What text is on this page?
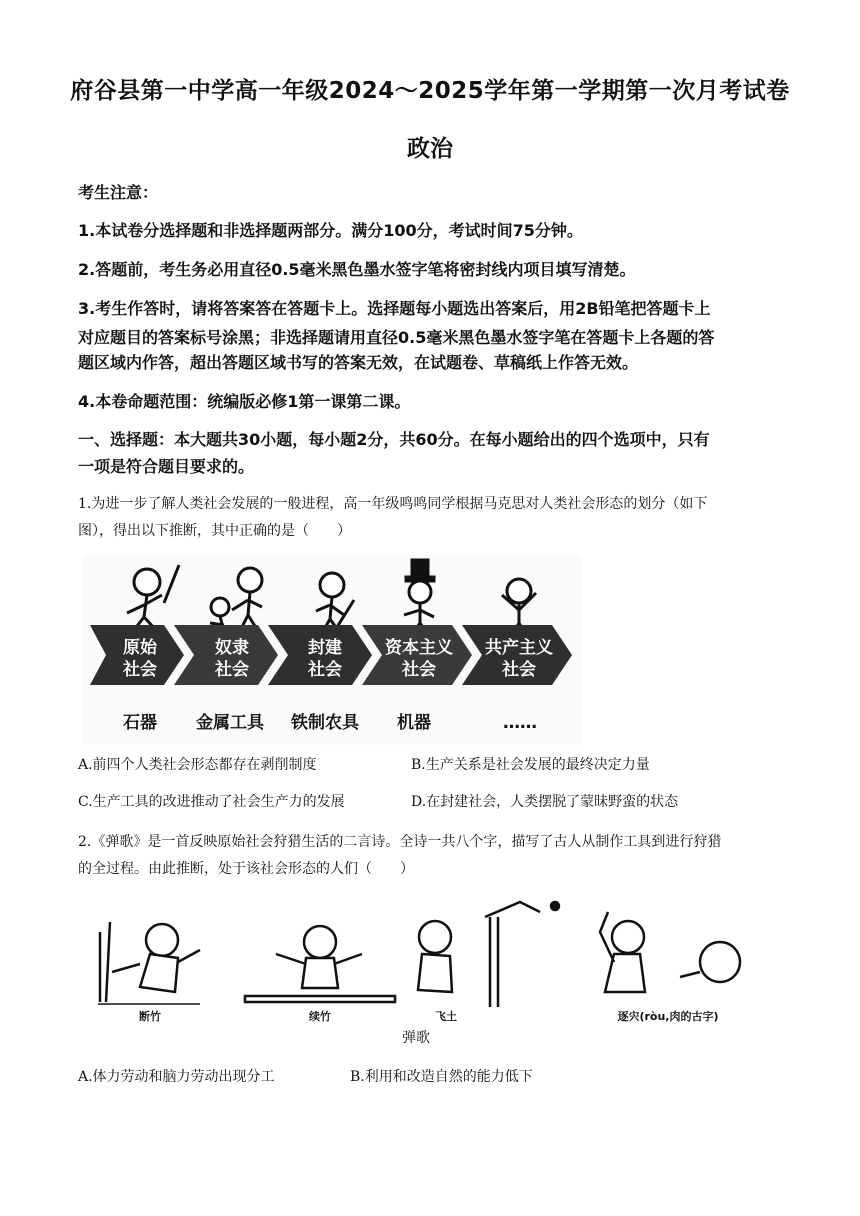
府谷县第一中学高一年级2024～2025学年第一学期第一次月考试卷
政治
考生注意：
1.本试卷分选择题和非选择题两部分。满分100分，考试时间75分钟。
2.答题前，考生务必用直径0.5毫米黑色墨水签字笔将密封线内项目填写清楚。
3.考生作答时，请将答案答在答题卡上。选择题每小题选出答案后，用2B铅笔把答题卡上
对应题目的答案标号涂黑；非选择题请用直径0.5毫米黑色墨水签字笔在答题卡上各题的答
题区域内作答，超出答题区域书写的答案无效，在试题卷、草稿纸上作答无效。
4.本卷命题范围：统编版必修1第一课第二课。
一、选择题：本大题共30小题，每小题2分，共60分。在每小题给出的四个选项中，只有
一项是符合题目要求的。
1.为进一步了解人类社会发展的一般进程，高一年级鸣鸣同学根据马克思对人类社会形态的划分（如下
图），得出以下推断，其中正确的是（　　）
原始
社会
奴隶
社会
封建
社会
资本主义
社会
共产主义
社会
石器 金属工具 铁制农具 机器	……
A.前四个人类社会形态都存在剥削制度	B.生产关系是社会发展的最终决定力量
C.生产工具的改进推动了社会生产力的发展	D.在封建社会，人类摆脱了蒙昧野蛮的状态
2.《弹歌》是一首反映原始社会狩猎生活的二言诗。全诗一共八个字，描写了古人从制作工具到进行狩猎
的全过程。由此推断，处于该社会形态的人们（　　）
断竹	续竹	飞土	逐宍(ròu,肉的古字)
弹歌
A.体力劳动和脑力劳动出现分工	B.利用和改造自然的能力低下
